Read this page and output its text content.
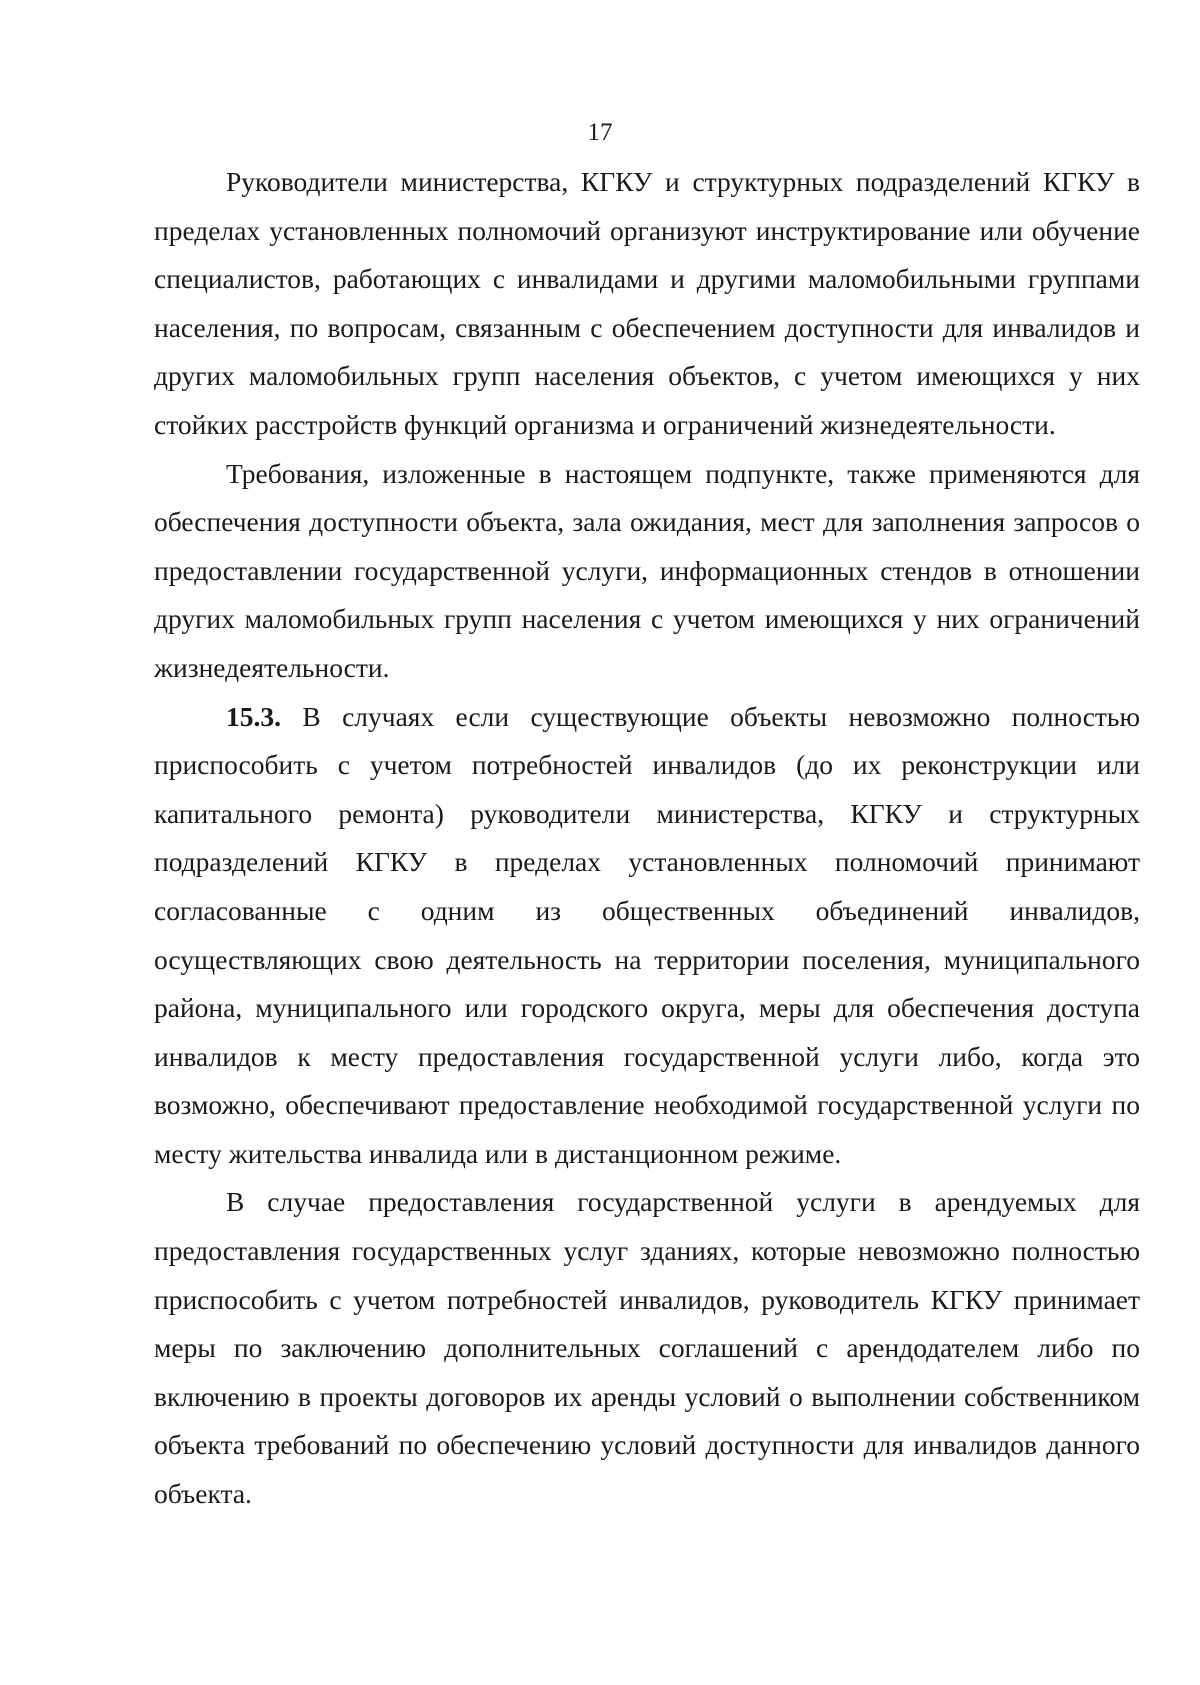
17

Руководители министерства, КГКУ и структурных подразделений КГКУ в пределах установленных полномочий организуют инструктирование или обучение специалистов, работающих с инвалидами и другими маломобильными группами населения, по вопросам, связанным с обеспечением доступности для инвалидов и других маломобильных групп населения объектов, с учетом имеющихся у них стойких расстройств функций организма и ограничений жизнедеятельности.

Требования, изложенные в настоящем подпункте, также применяются для обеспечения доступности объекта, зала ожидания, мест для заполнения запросов о предоставлении государственной услуги, информационных стендов в отношении других маломобильных групп населения с учетом имеющихся у них ограничений жизнедеятельности.

15.3. В случаях если существующие объекты невозможно полностью приспособить с учетом потребностей инвалидов (до их реконструкции или капитального ремонта) руководители министерства, КГКУ и структурных подразделений КГКУ в пределах установленных полномочий принимают согласованные с одним из общественных объединений инвалидов, осуществляющих свою деятельность на территории поселения, муниципального района, муниципального или городского округа, меры для обеспечения доступа инвалидов к месту предоставления государственной услуги либо, когда это возможно, обеспечивают предоставление необходимой государственной услуги по месту жительства инвалида или в дистанционном режиме.

В случае предоставления государственной услуги в арендуемых для предоставления государственных услуг зданиях, которые невозможно полностью приспособить с учетом потребностей инвалидов, руководитель КГКУ принимает меры по заключению дополнительных соглашений с арендодателем либо по включению в проекты договоров их аренды условий о выполнении собственником объекта требований по обеспечению условий доступности для инвалидов данного объекта.
